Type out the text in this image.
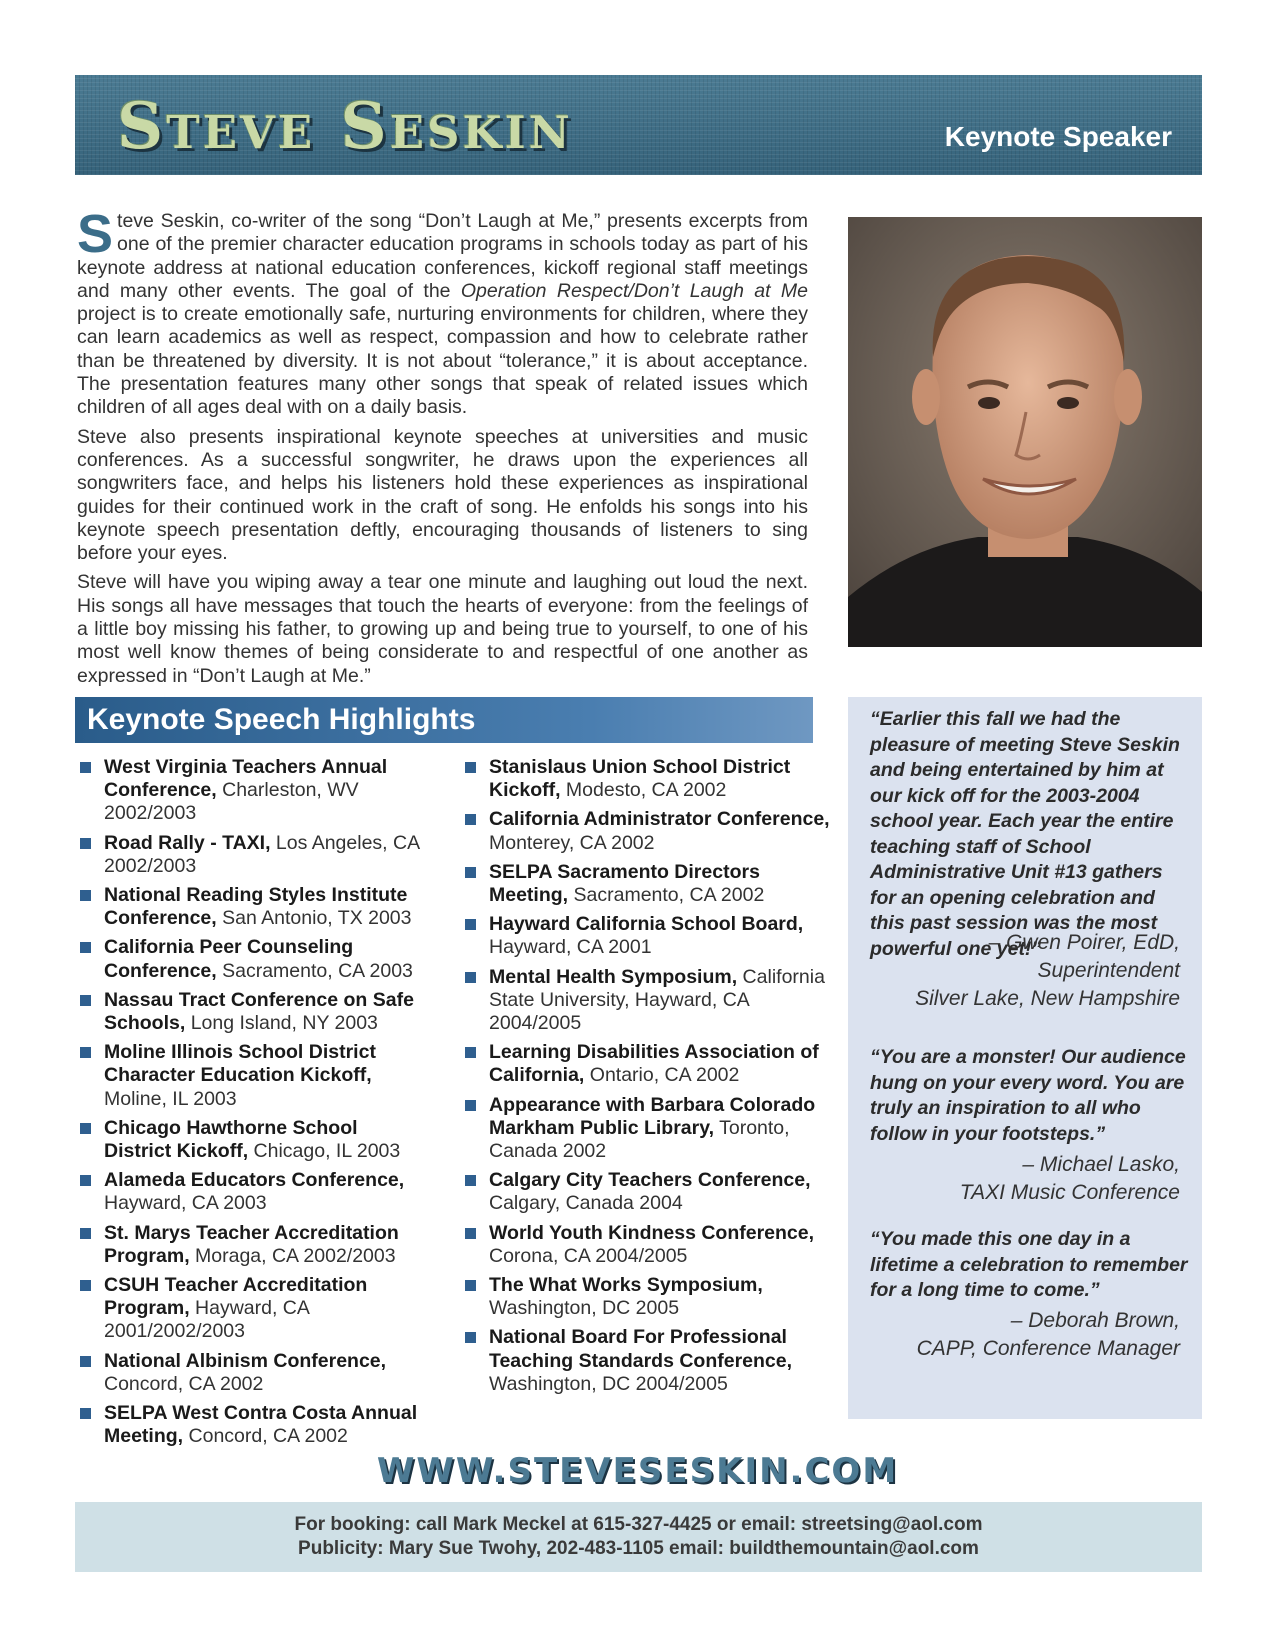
Steve Seskin	Keynote Speaker

Steve Seskin, co-writer of the song “Don’t Laugh at Me,” presents excerpts from one of the premier character education programs in schools today as part of his keynote address at national education conferences, kickoff regional staff meetings and many other events. The goal of the Operation Respect/Don’t Laugh at Me project is to create emotionally safe, nurturing environments for children, where they can learn academics as well as respect, compassion and how to celebrate rather than be threatened by diversity. It is not about “tolerance,” it is about acceptance. The presentation features many other songs that speak of related issues which children of all ages deal with on a daily basis.

Steve also presents inspirational keynote speeches at universities and music conferences. As a successful songwriter, he draws upon the experiences all songwriters face, and helps his listeners hold these experiences as inspirational guides for their continued work in the craft of song. He enfolds his songs into his keynote speech presentation deftly, encouraging thousands of listeners to sing before your eyes.

Steve will have you wiping away a tear one minute and laughing out loud the next. His songs all have messages that touch the hearts of everyone: from the feelings of a little boy missing his father, to growing up and being true to yourself, to one of his most well know themes of being considerate to and respectful of one another as expressed in “Don’t Laugh at Me.”

Keynote Speech Highlights
West Virginia Teachers Annual Conference, Charleston, WV 2002/2003
Road Rally - TAXI, Los Angeles, CA 2002/2003
National Reading Styles Institute Conference, San Antonio, TX 2003
California Peer Counseling Conference, Sacramento, CA 2003
Nassau Tract Conference on Safe Schools, Long Island, NY 2003
Moline Illinois School District Character Education Kickoff, Moline, IL 2003
Chicago Hawthorne School District Kickoff, Chicago, IL 2003
Alameda Educators Conference, Hayward, CA 2003
St. Marys Teacher Accreditation Program, Moraga, CA 2002/2003
CSUH Teacher Accreditation Program, Hayward, CA 2001/2002/2003
National Albinism Conference, Concord, CA 2002
SELPA West Contra Costa Annual Meeting, Concord, CA 2002
Stanislaus Union School District Kickoff, Modesto, CA 2002
California Administrator Conference, Monterey, CA 2002
SELPA Sacramento Directors Meeting, Sacramento, CA 2002
Hayward California School Board, Hayward, CA 2001
Mental Health Symposium, California State University, Hayward, CA 2004/2005
Learning Disabilities Association of California, Ontario, CA 2002
Appearance with Barbara Colorado Markham Public Library, Toronto, Canada 2002
Calgary City Teachers Conference, Calgary, Canada 2004
World Youth Kindness Conference, Corona, CA 2004/2005
The What Works Symposium, Washington, DC 2005
National Board For Professional Teaching Standards Conference, Washington, DC 2004/2005
“Earlier this fall we had the pleasure of meeting Steve Seskin and being entertained by him at our kick off for the 2003-2004 school year. Each year the entire teaching staff of School Administrative Unit #13 gathers for an opening celebration and this past session was the most powerful one yet!”
– Gwen Poirer, EdD,
Superintendent
Silver Lake, New Hampshire
“You are a monster! Our audience hung on your every word. You are truly an inspiration to all who follow in your footsteps.”
– Michael Lasko,
TAXI Music Conference
“You made this one day in a lifetime a celebration to remember for a long time to come.”
– Deborah Brown,
CAPP, Conference Manager
WWW.STEVESESKIN.COM
For booking: call Mark Meckel at 615-327-4425 or email: streetsing@aol.com
Publicity: Mary Sue Twohy, 202-483-1105 email: buildthemountain@aol.com
